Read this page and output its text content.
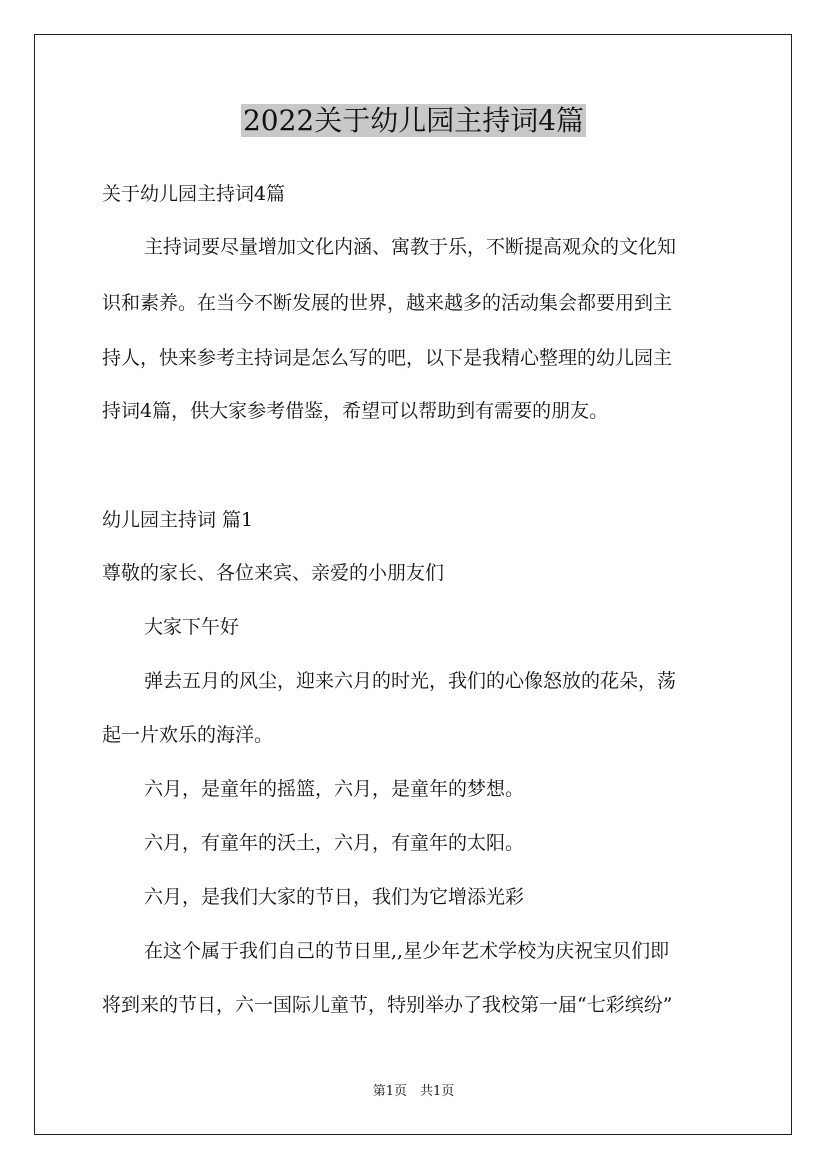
2022关于幼儿园主持词4篇
关于幼儿园主持词4篇
主持词要尽量增加文化内涵、寓教于乐，不断提高观众的文化知
识和素养。在当今不断发展的世界，越来越多的活动集会都要用到主
持人，快来参考主持词是怎么写的吧，以下是我精心整理的幼儿园主
持词4篇，供大家参考借鉴，希望可以帮助到有需要的朋友。
幼儿园主持词 篇1
尊敬的家长、各位来宾、亲爱的小朋友们
大家下午好
弹去五月的风尘，迎来六月的时光，我们的心像怒放的花朵，荡
起一片欢乐的海洋。
六月，是童年的摇篮，六月，是童年的梦想。
六月，有童年的沃土，六月，有童年的太阳。
六月，是我们大家的节日，我们为它增添光彩
在这个属于我们自己的节日里,,星少年艺术学校为庆祝宝贝们即
将到来的节日，六一国际儿童节，特别举办了我校第一届“七彩缤纷”
第1页　共1页
